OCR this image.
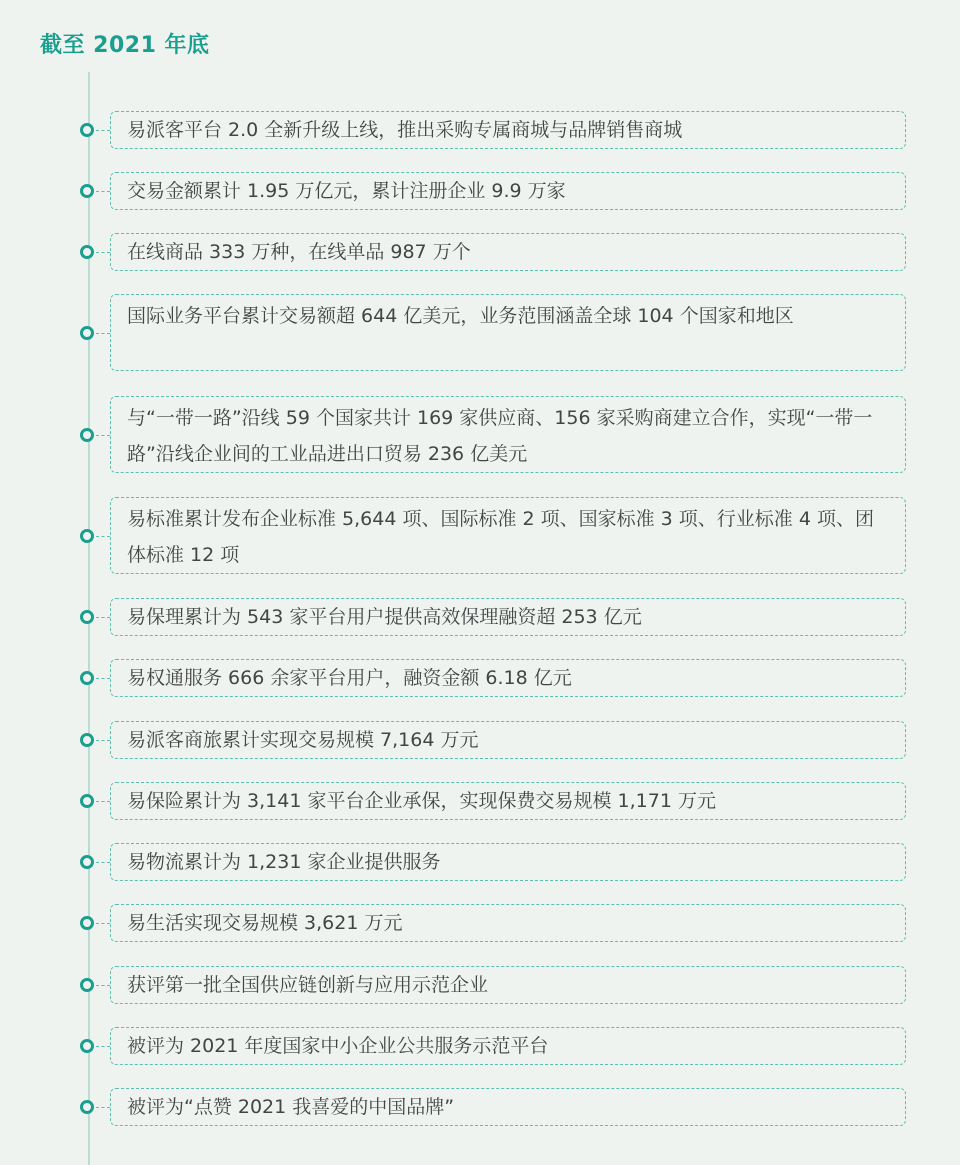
截至 2021 年底
易派客平台 2.0 全新升级上线，推出采购专属商城与品牌销售商城
交易金额累计 1.95 万亿元，累计注册企业 9.9 万家
在线商品 333 万种，在线单品 987 万个
国际业务平台累计交易额超 644 亿美元，业务范围涵盖全球 104 个国家和地区
与“一带一路”沿线 59 个国家共计 169 家供应商、156 家采购商建立合作，实现“一带一路”沿线企业间的工业品进出口贸易 236 亿美元
易标准累计发布企业标准 5,644 项、国际标准 2 项、国家标准 3 项、行业标准 4 项、团体标准 12 项
易保理累计为 543 家平台用户提供高效保理融资超 253 亿元
易权通服务 666 余家平台用户，融资金额 6.18 亿元
易派客商旅累计实现交易规模 7,164 万元
易保险累计为 3,141 家平台企业承保，实现保费交易规模 1,171 万元
易物流累计为 1,231 家企业提供服务
易生活实现交易规模 3,621 万元
获评第一批全国供应链创新与应用示范企业
被评为 2021 年度国家中小企业公共服务示范平台
被评为“点赞 2021 我喜爱的中国品牌”
